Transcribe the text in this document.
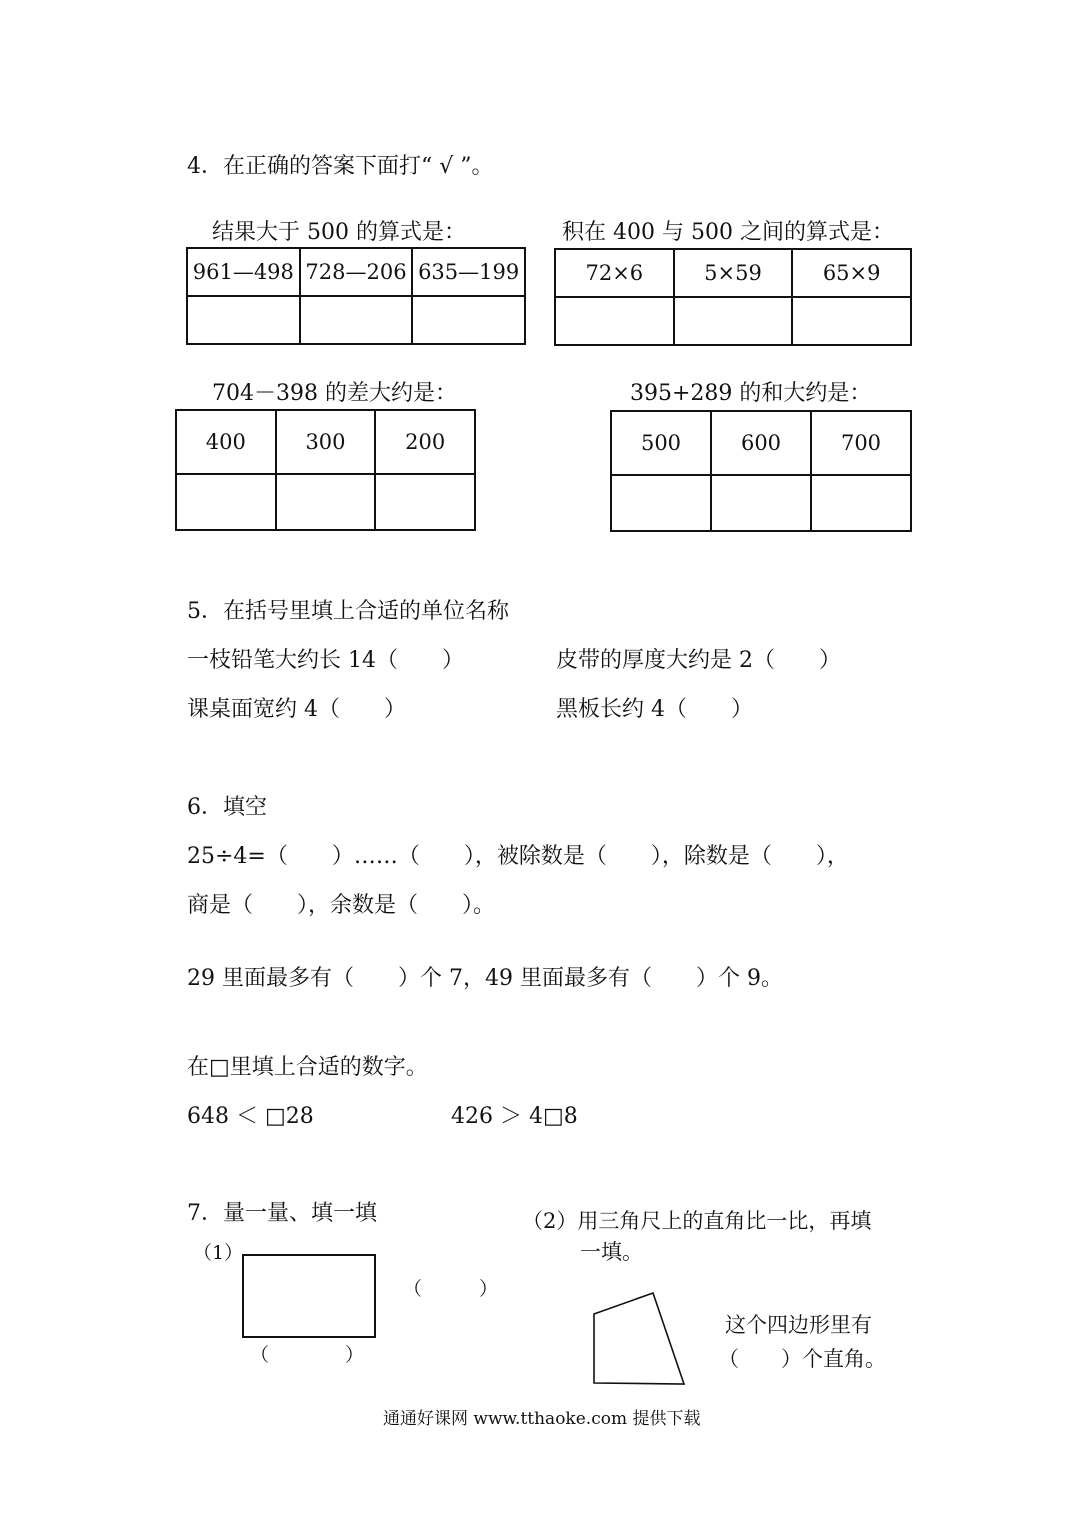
4．在正确的答案下面打“ √ ”。
结果大于 500 的算式是：
961—498	728—206	635—199

积在 400 与 500 之间的算式是：
72×6	5×59	65×9

704－398 的差大约是：
400	300	200

395+289 的和大约是：
500	600	700

5．在括号里填上合适的单位名称
一枝铅笔大约长 14（　　）	皮带的厚度大约是 2（　　）
课桌面宽约 4（　　）	黑板长约 4（　　）
6．填空
25÷4=（　　）……（　　），被除数是（　　），除数是（　　），
商是（　　），余数是（　　）。
29 里面最多有（　　）个 7，49 里面最多有（　　）个 9。
在□里填上合适的数字。
648 ＜ □28	426 ＞ 4□8
7．量一量、填一填
（1）
（　　　）
（　　　　）
（2）用三角尺上的直角比一比，再填
一填。
这个四边形里有
（　　）个直角。
通通好课网 www.tthaoke.com 提供下载
